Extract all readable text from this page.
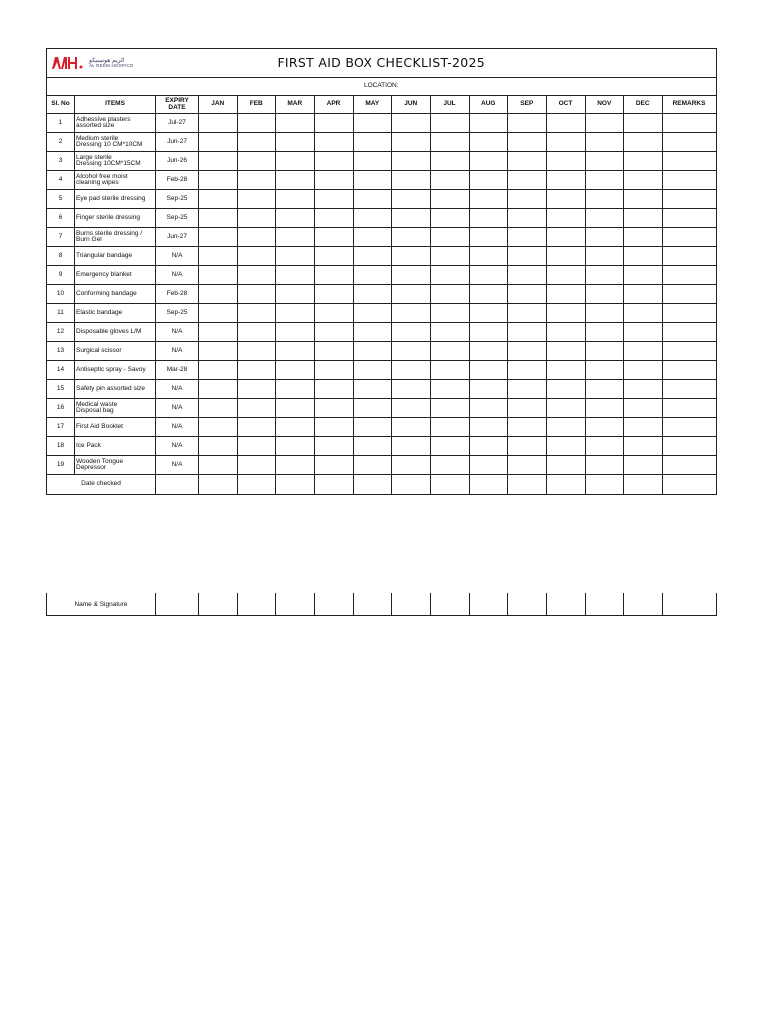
الريم هوسبيكو
AL REEM HOSPICO FIRST AID BOX CHECKLIST-2025															

LOCATION:															
Sl. No	ITEMS	EXPIRY DATE	JAN	FEB	MAR	APR	MAY	JUN	JUL	AUG	SEP	OCT	NOV	DEC	REMARKS
1	Adhessive plasters
assorted size	Jul-27													
2	Medium sterile
Dressing 10 CM*10CM	Jun-27													
3	Large sterile
Dressing 10CM*15CM	Jun-26													
4	Alcohol free moist
cleaning wipes	Feb-28													
5	Eye pad sterile dressing	Sep-25													
6	Finger sterile dressing	Sep-25													
7	Burns sterile dressing /
Burn Gel	Jun-27													
8	Triangular bandage	N/A													
9	Emergency blanket	N/A													
10	Conforming bandage	Feb-28													
11	Elastic bandage	Sep-25													
12	Disposable gloves L/M	N/A													
13	Surgical scissor	N/A													
14	Antiseptic spray - Savoy	Mar-28													
15	Safety pin assorted size	N/A													
16	Medical waste
Disposal bag	N/A													
17	First Aid Booklet	N/A													
18	Ice Pack	N/A													
19	Wooden Tongue
Depressor	N/A													
Date checked															
Name & Signature														
